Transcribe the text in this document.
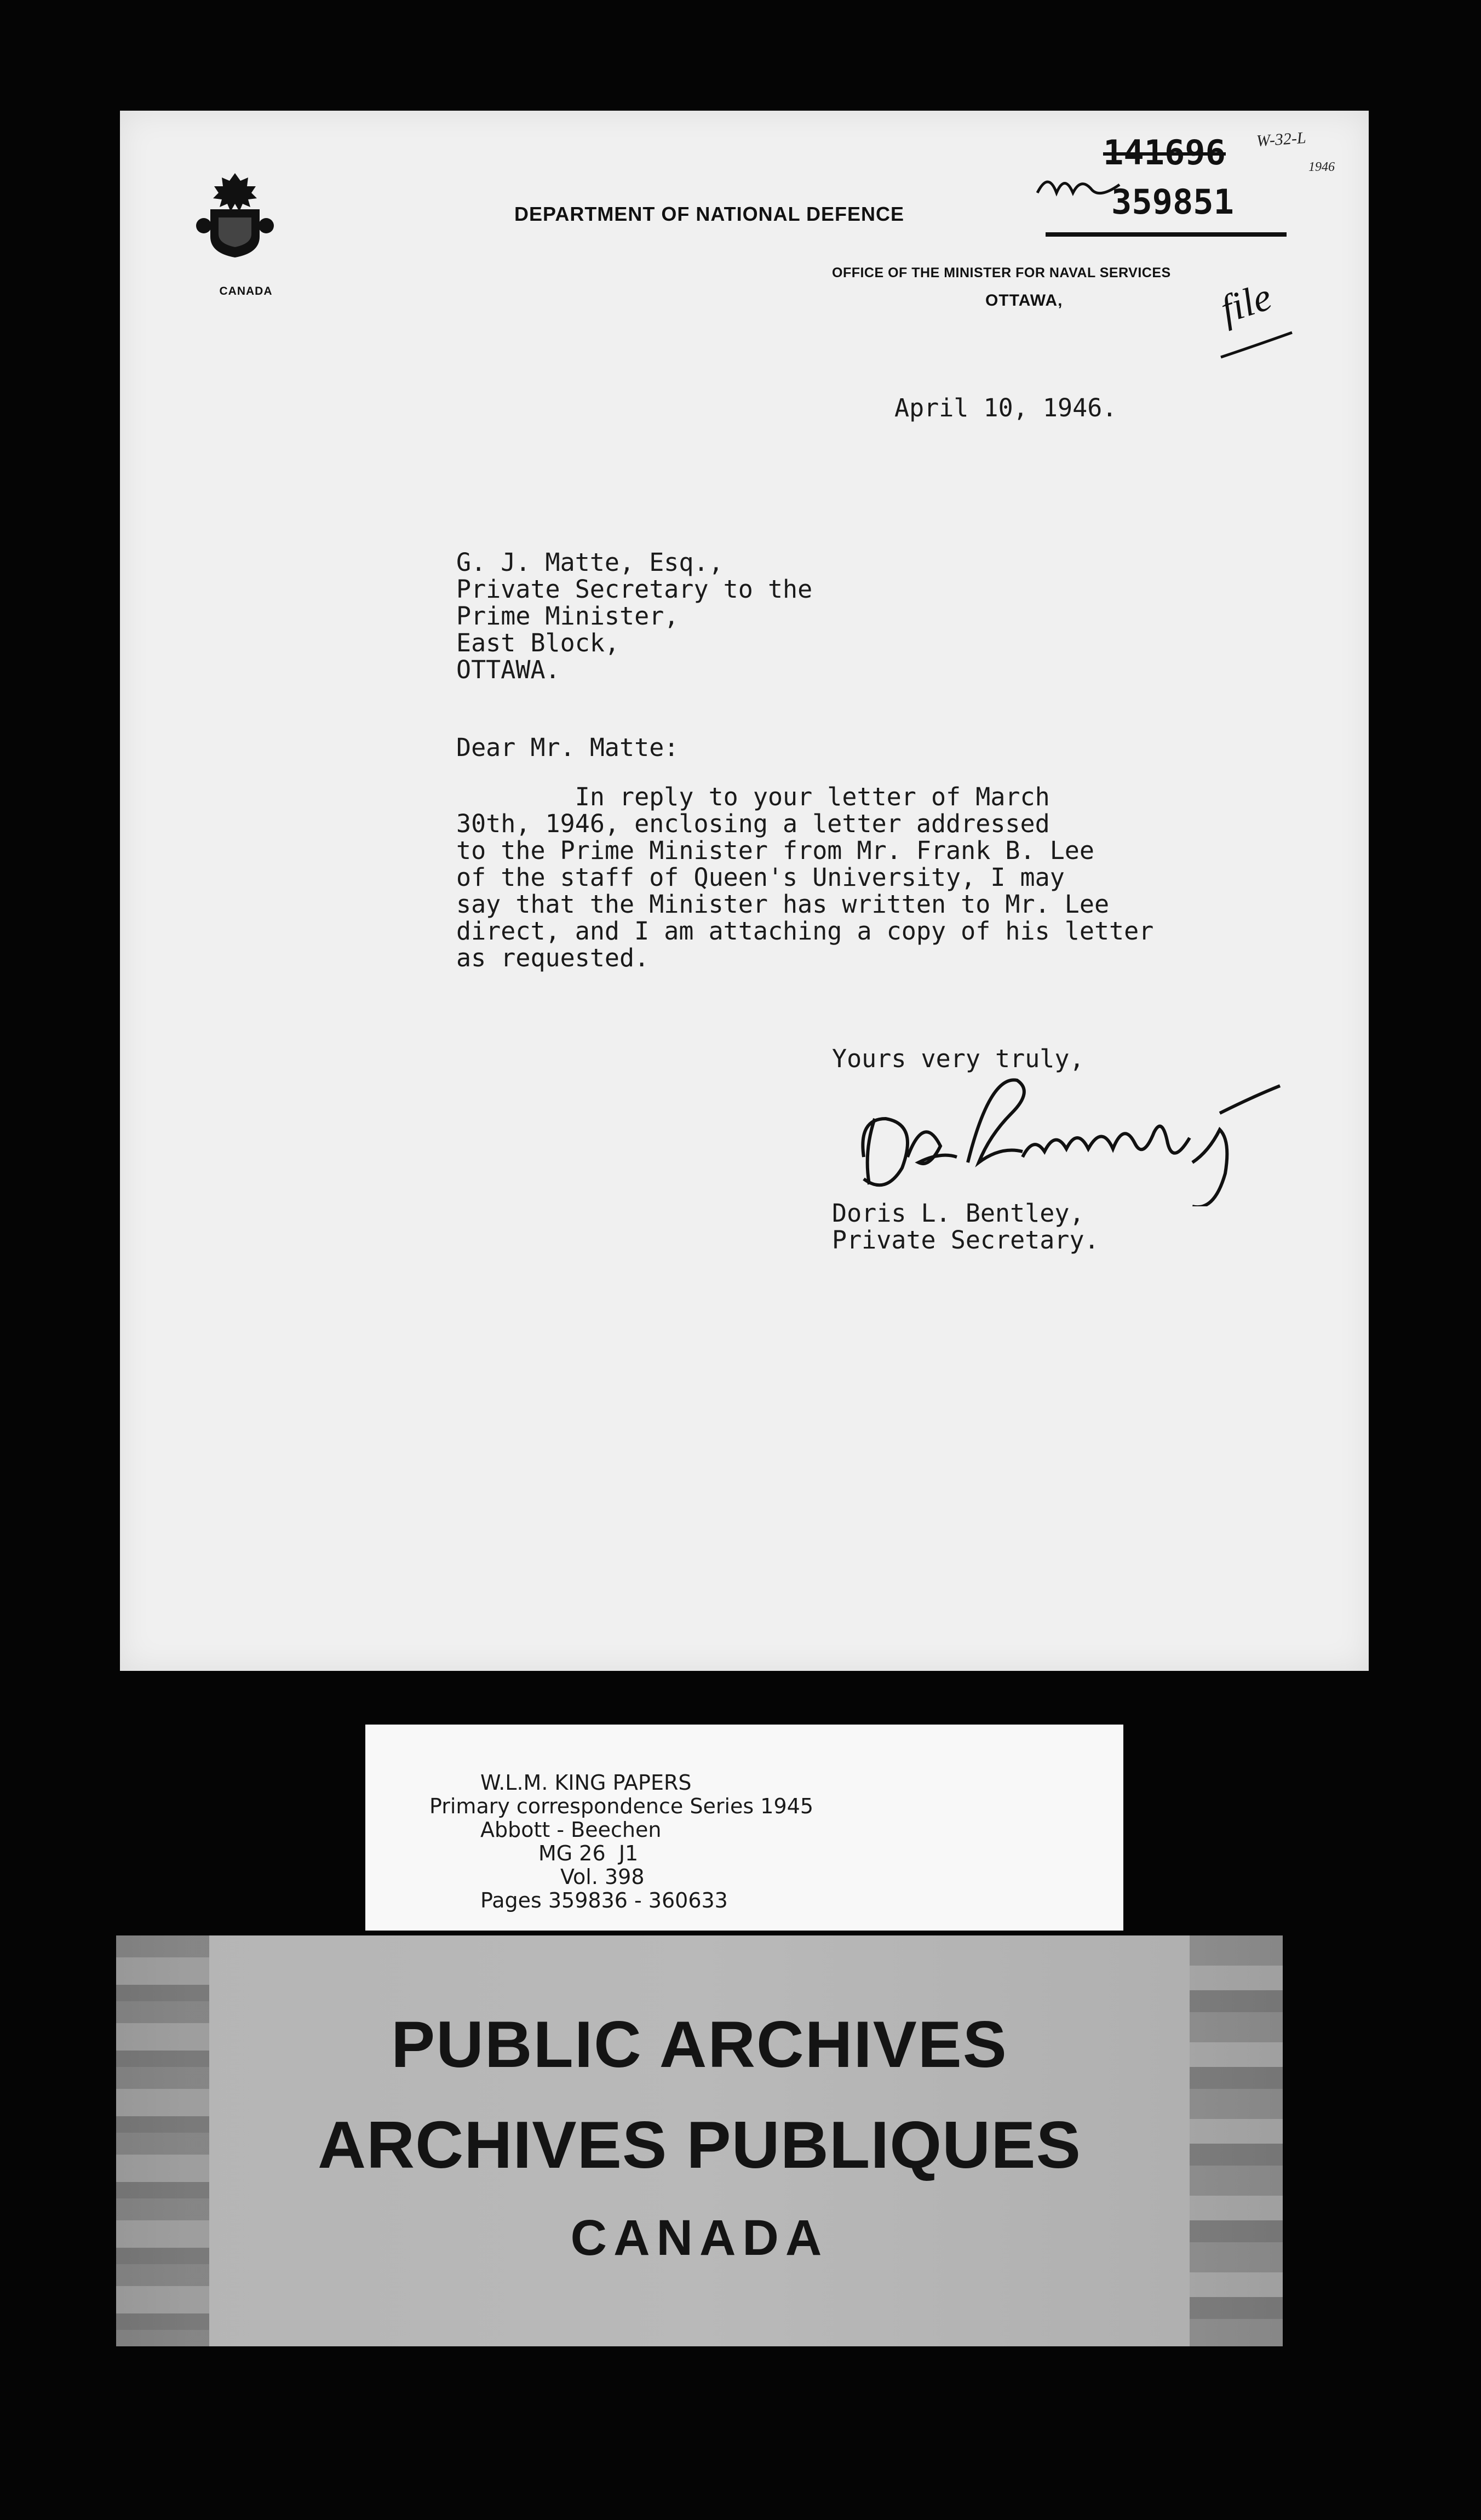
CANADA
DEPARTMENT OF NATIONAL DEFENCE
OFFICE OF THE MINISTER FOR NAVAL SERVICES
OTTAWA,
141696
359851
W-32-L
1946
file
April 10, 1946.
G. J. Matte, Esq.,
Private Secretary to the
Prime Minister,
East Block,
OTTAWA.
Dear Mr. Matte:
In reply to your letter of March
30th, 1946, enclosing a letter addressed
to the Prime Minister from Mr. Frank B. Lee
of the staff of Queen's University, I may
say that the Minister has written to Mr. Lee
direct, and I am attaching a copy of his letter
as requested.
Yours very truly,
Doris L. Bentley,
Private Secretary.
W.L.M. KING PAPERS
Primary correspondence Series 1945
Abbott - Beechen
MG 26  J1
Vol. 398
Pages 359836 - 360633
PUBLIC ARCHIVES
ARCHIVES PUBLIQUES
CANADA
